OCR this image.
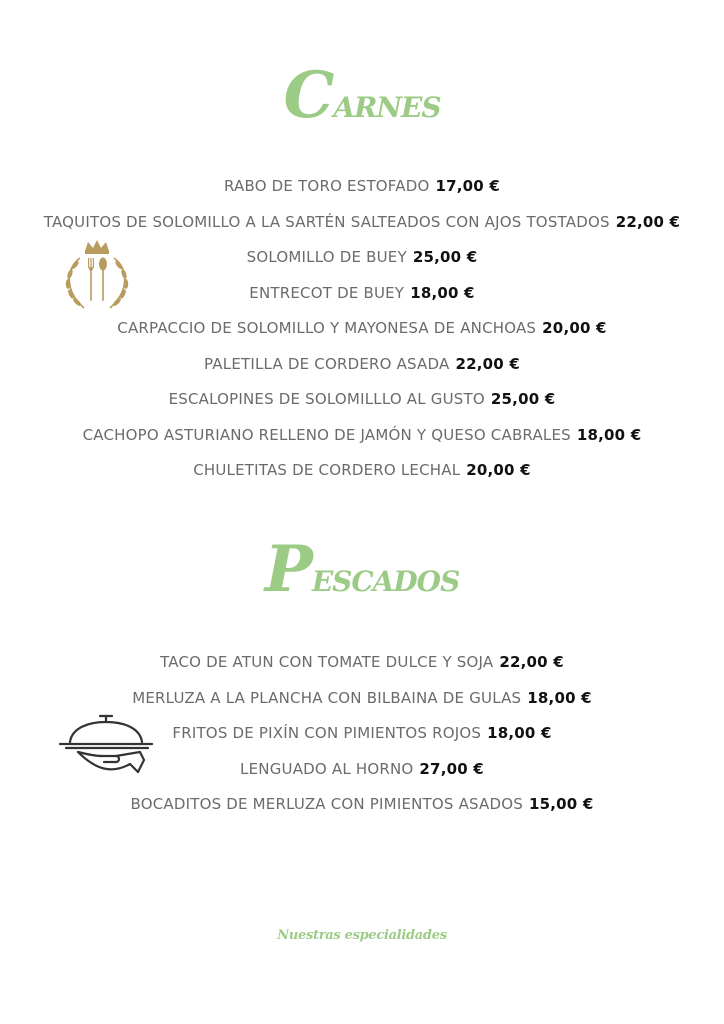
CARNES
RABO DE TORO ESTOFADO 17,00 €
TAQUITOS DE SOLOMILLO A LA SARTÉN SALTEADOS CON AJOS TOSTADOS 22,00 €
SOLOMILLO DE BUEY 25,00 €
ENTRECOT DE BUEY 18,00 €
CARPACCIO DE SOLOMILLO Y MAYONESA DE ANCHOAS 20,00 €
PALETILLA DE CORDERO ASADA 22,00 €
ESCALOPINES DE SOLOMILLLO AL GUSTO 25,00 €
CACHOPO ASTURIANO RELLENO DE JAMÓN Y QUESO CABRALES 18,00 €
CHULETITAS DE CORDERO LECHAL 20,00 €
PESCADOS
TACO DE ATUN CON TOMATE DULCE Y SOJA 22,00 €
MERLUZA A LA PLANCHA CON BILBAINA DE GULAS 18,00 €
FRITOS DE PIXÍN CON PIMIENTOS ROJOS 18,00 €
LENGUADO AL HORNO 27,00 €
BOCADITOS DE MERLUZA CON PIMIENTOS ASADOS 15,00 €
Nuestras especialidades
